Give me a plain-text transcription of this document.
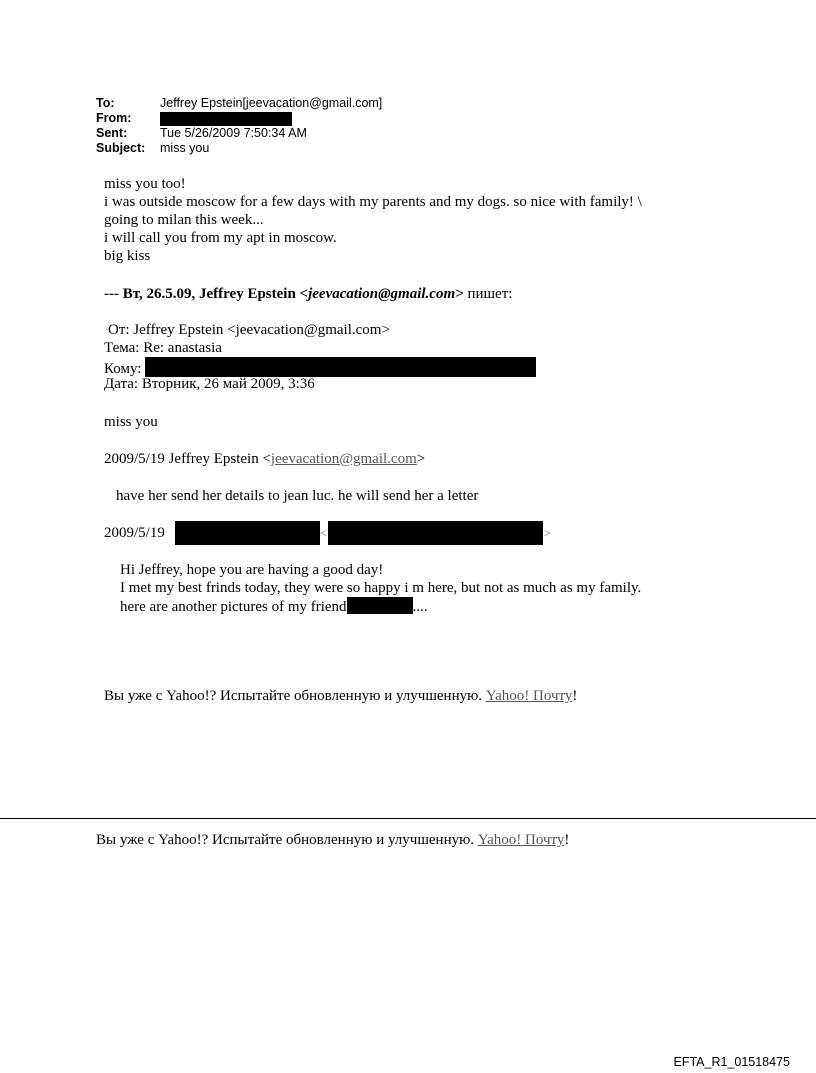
To:	Jeffrey Epstein[jeevacation@gmail.com]
From:
Sent:	Tue 5/26/2009 7:50:34 AM
Subject: miss you
miss you too!
i was outside moscow for a few days with my parents and my dogs. so nice with family! \
going to milan this week...
i will call you from my apt in moscow.
big kiss
--- Вт, 26.5.09, Jeffrey Epstein <jeevacation@gmail.com> пишет:
От: Jeffrey Epstein <jeevacation@gmail.com>
Тема: Re: anastasia
Кому:
Дата: Вторник, 26 май 2009, 3:36
miss you
2009/5/19 Jeffrey Epstein <jeevacation@gmail.com>
have her send her details to jean luc. he will send her a letter
2009/5/19	<	>
Hi Jeffrey, hope you are having a good day!
I met my best frinds today, they were so happy i m here, but not as much as my family.
here are another pictures of my friend	....
Вы уже с Yahoo!? Испытайте обновленную и улучшенную. Yahoo! Почту!
Вы уже с Yahoo!? Испытайте обновленную и улучшенную. Yahoo! Почту!
EFTA_R1_01518475
